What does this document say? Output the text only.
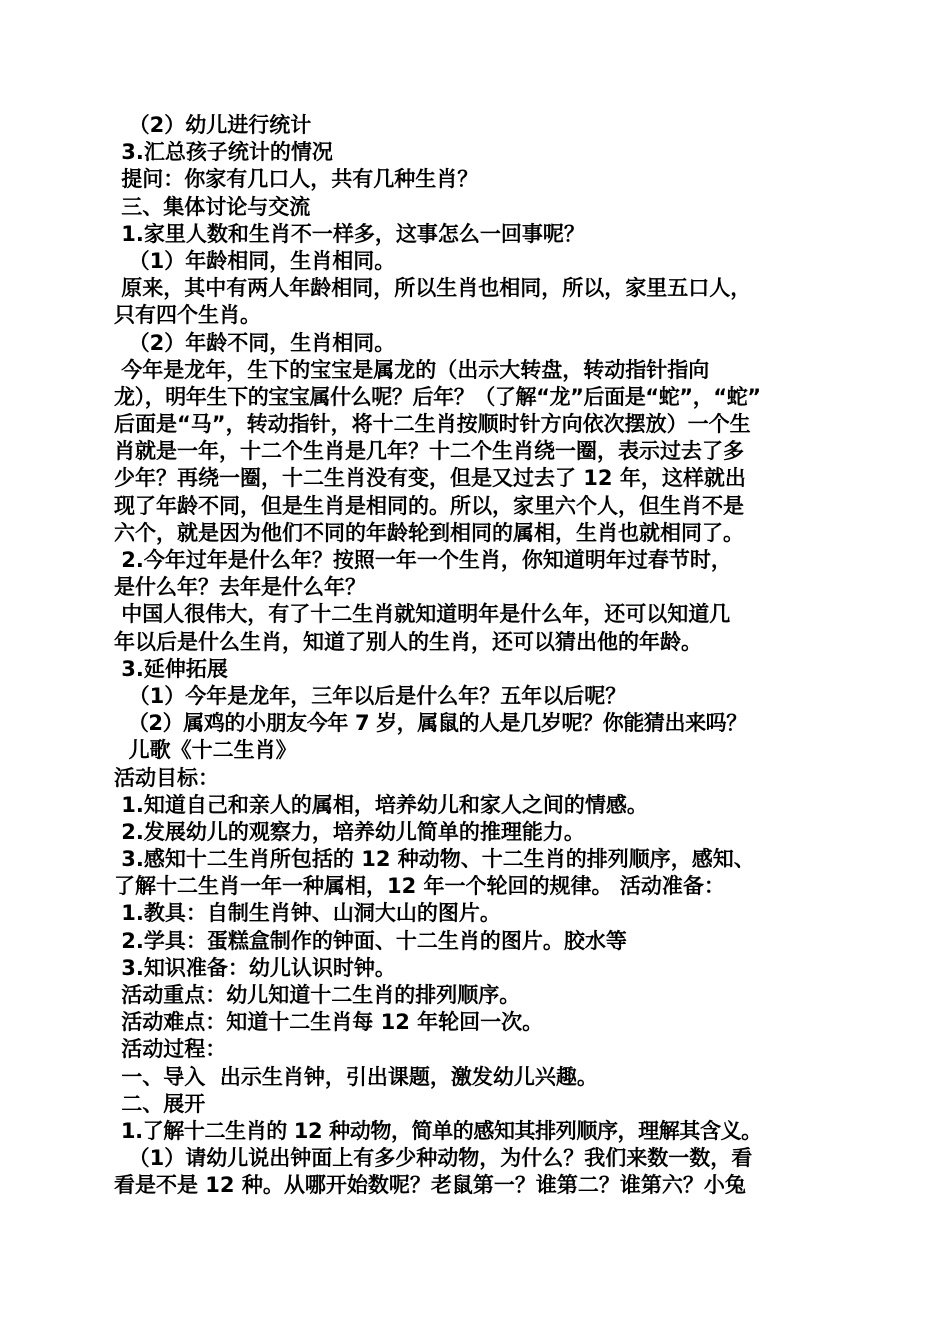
（2）幼儿进行统计
3.汇总孩子统计的情况
提问：你家有几口人，共有几种生肖？
三、集体讨论与交流
1.家里人数和生肖不一样多，这事怎么一回事呢？
（1）年龄相同，生肖相同。
原来，其中有两人年龄相同，所以生肖也相同，所以，家里五口人，
只有四个生肖。
（2）年龄不同，生肖相同。
今年是龙年，生下的宝宝是属龙的（出示大转盘，转动指针指向
龙），明年生下的宝宝属什么呢？后年？（了解“龙”后面是“蛇”，“蛇”
后面是“马”，转动指针，将十二生肖按顺时针方向依次摆放）一个生
肖就是一年，十二个生肖是几年？十二个生肖绕一圈，表示过去了多
少年？再绕一圈，十二生肖没有变，但是又过去了 12 年，这样就出
现了年龄不同，但是生肖是相同的。所以，家里六个人，但生肖不是
六个，就是因为他们不同的年龄轮到相同的属相，生肖也就相同了。
2.今年过年是什么年？按照一年一个生肖，你知道明年过春节时，
是什么年？去年是什么年？
中国人很伟大，有了十二生肖就知道明年是什么年，还可以知道几
年以后是什么生肖，知道了别人的生肖，还可以猜出他的年龄。
3.延伸拓展
（1）今年是龙年，三年以后是什么年？五年以后呢？
（2）属鸡的小朋友今年 7 岁，属鼠的人是几岁呢？你能猜出来吗？
儿歌《十二生肖》
活动目标：
1.知道自己和亲人的属相，培养幼儿和家人之间的情感。
2.发展幼儿的观察力，培养幼儿简单的推理能力。
3.感知十二生肖所包括的 12 种动物、十二生肖的排列顺序，感知、
了解十二生肖一年一种属相，12 年一个轮回的规律。 活动准备：
1.教具：自制生肖钟、山洞大山的图片。
2.学具：蛋糕盒制作的钟面、十二生肖的图片。胶水等
3.知识准备：幼儿认识时钟。
活动重点：幼儿知道十二生肖的排列顺序。
活动难点：知道十二生肖每 12 年轮回一次。
活动过程：
一、导入  出示生肖钟，引出课题，激发幼儿兴趣。
二、展开
1.了解十二生肖的 12 种动物，简单的感知其排列顺序，理解其含义。
（1）请幼儿说出钟面上有多少种动物，为什么？我们来数一数，看
看是不是 12 种。从哪开始数呢？老鼠第一？谁第二？谁第六？小兔
